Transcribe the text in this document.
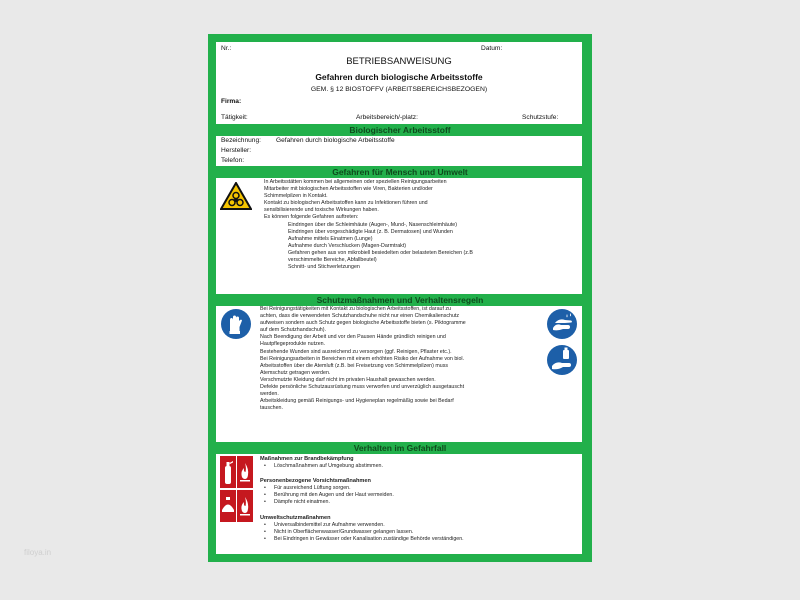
Nr.:	Datum:
BETRIEBSANWEISUNG
Gefahren durch biologische Arbeitsstoffe
GEM. § 12 BIOSTOFFV (ARBEITSBEREICHSBEZOGEN)
Firma:
Tätigkeit:	Arbeitsbereich/-platz:	Schutzstufe:
Biologischer Arbeitsstoff
Bezeichnung: Gefahren durch biologische Arbeitsstoffe
Hersteller:
Telefon:
Gefahren für Mensch und Umwelt
In Arbeitsstätten kommen bei allgemeinen oder speziellen Reinigungsarbeiten
Mitarbeiter mit biologischen Arbeitsstoffen wie Viren, Bakterien und/oder
Schimmelpilzen in Kontakt.
Kontakt zu biologischen Arbeitsstoffen kann zu Infektionen führen und
sensibilisierende und toxische Wirkungen haben.
Es können folgende Gefahren auftreten:
Eindringen über die Schleimhäute (Augen-, Mund-, Nasenschleimhäute)
Eindringen über vorgeschädigte Haut (z. B. Dermatosen) und Wunden
Aufnahme mittels Einatmen (Lunge)
Aufnahme durch Verschlucken (Magen-Darmtrakt)
Gefahren gehen aus von mikrobiell besiedelten oder belasteten Bereichen (z.B
verschimmelte Bereiche, Abfallbeutel)
Schnitt- und Stichverletzungen
Schutzmaßnahmen und Verhaltensregeln
Bei Reinigungstätigkeiten mit Kontakt zu biologischen Arbeitsstoffen, ist darauf zu
achten, dass die verwendeten Schutzhandschuhe nicht nur einen Chemikalienschutz
aufweisen sondern auch Schutz gegen biologische Arbeitsstoffe bieten (s. Piktogramme
auf dem Schutzhandschuh).
Nach Beendigung der Arbeit und vor den Pausen Hände gründlich reinigen und
Hautpflegeprodukte nutzen.
Bestehende Wunden sind ausreichend zu versorgen (ggf. Reinigen, Pflaster etc.).
Bei Reinigungsarbeiten in Bereichen mit einem erhöhten Risiko der Aufnahme von biol.
Arbeitsstoffen über die Atemluft (z.B. bei Freisetzung von Schimmelpilzen) muss
Atemschutz getragen werden.
Verschmutzte Kleidung darf nicht im privaten Haushalt gewaschen werden.
Defekte persönliche Schutzausrüstung muss verworfen und unverzüglich ausgetauscht
werden.
Arbeitskleidung gemäß Reinigungs- und Hygieneplan regelmäßig sowie bei Bedarf
tauschen.
Verhalten im Gefahrfall
Maßnahmen zur Brandbekämpfung
• Löschmaßnahmen auf Umgebung abstimmen.
Personenbezogene Vorsichtsmaßnahmen
• Für ausreichend Lüftung sorgen.
• Berührung mit den Augen und der Haut vermeiden.
• Dämpfe nicht einatmen.
Umweltschutzmaßnahmen
• Universalbindemittel zur Aufnahme verwenden.
• Nicht in Oberflächenwasser/Grundwasser gelangen lassen.
• Bei Eindringen in Gewässer oder Kanalisation zuständige Behörde verständigen.
filoya.in
